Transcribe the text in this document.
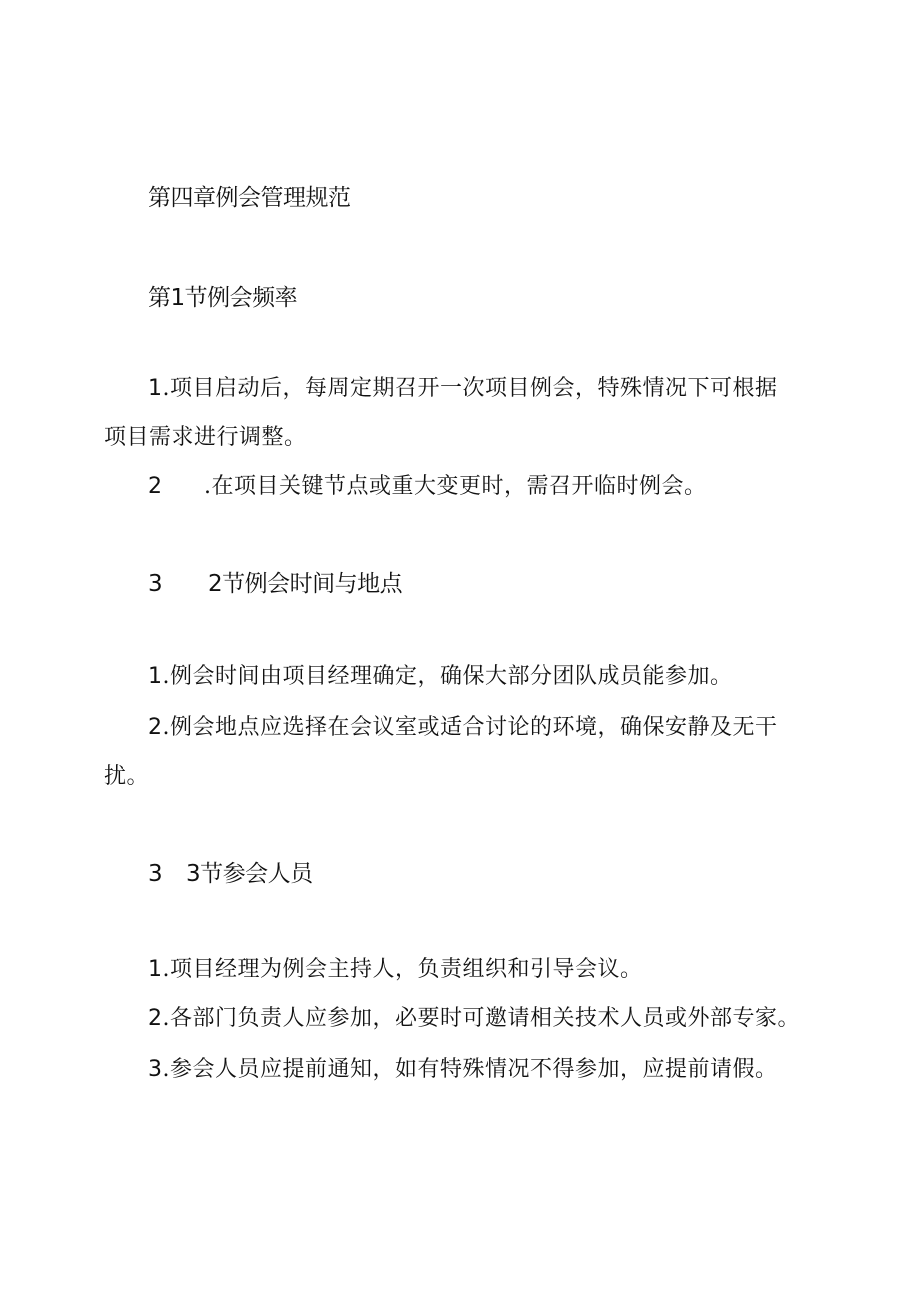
第四章例会管理规范
第1节例会频率
1.项目启动后，每周定期召开一次项目例会，特殊情况下可根据
项目需求进行调整。
2 .在项目关键节点或重大变更时，需召开临时例会。
3 2节例会时间与地点
1.例会时间由项目经理确定，确保大部分团队成员能参加。
2.例会地点应选择在会议室或适合讨论的环境，确保安静及无干
扰。
3 3节参会人员
1.项目经理为例会主持人，负责组织和引导会议。
2.各部门负责人应参加，必要时可邀请相关技术人员或外部专家。
3.参会人员应提前通知，如有特殊情况不得参加，应提前请假。
